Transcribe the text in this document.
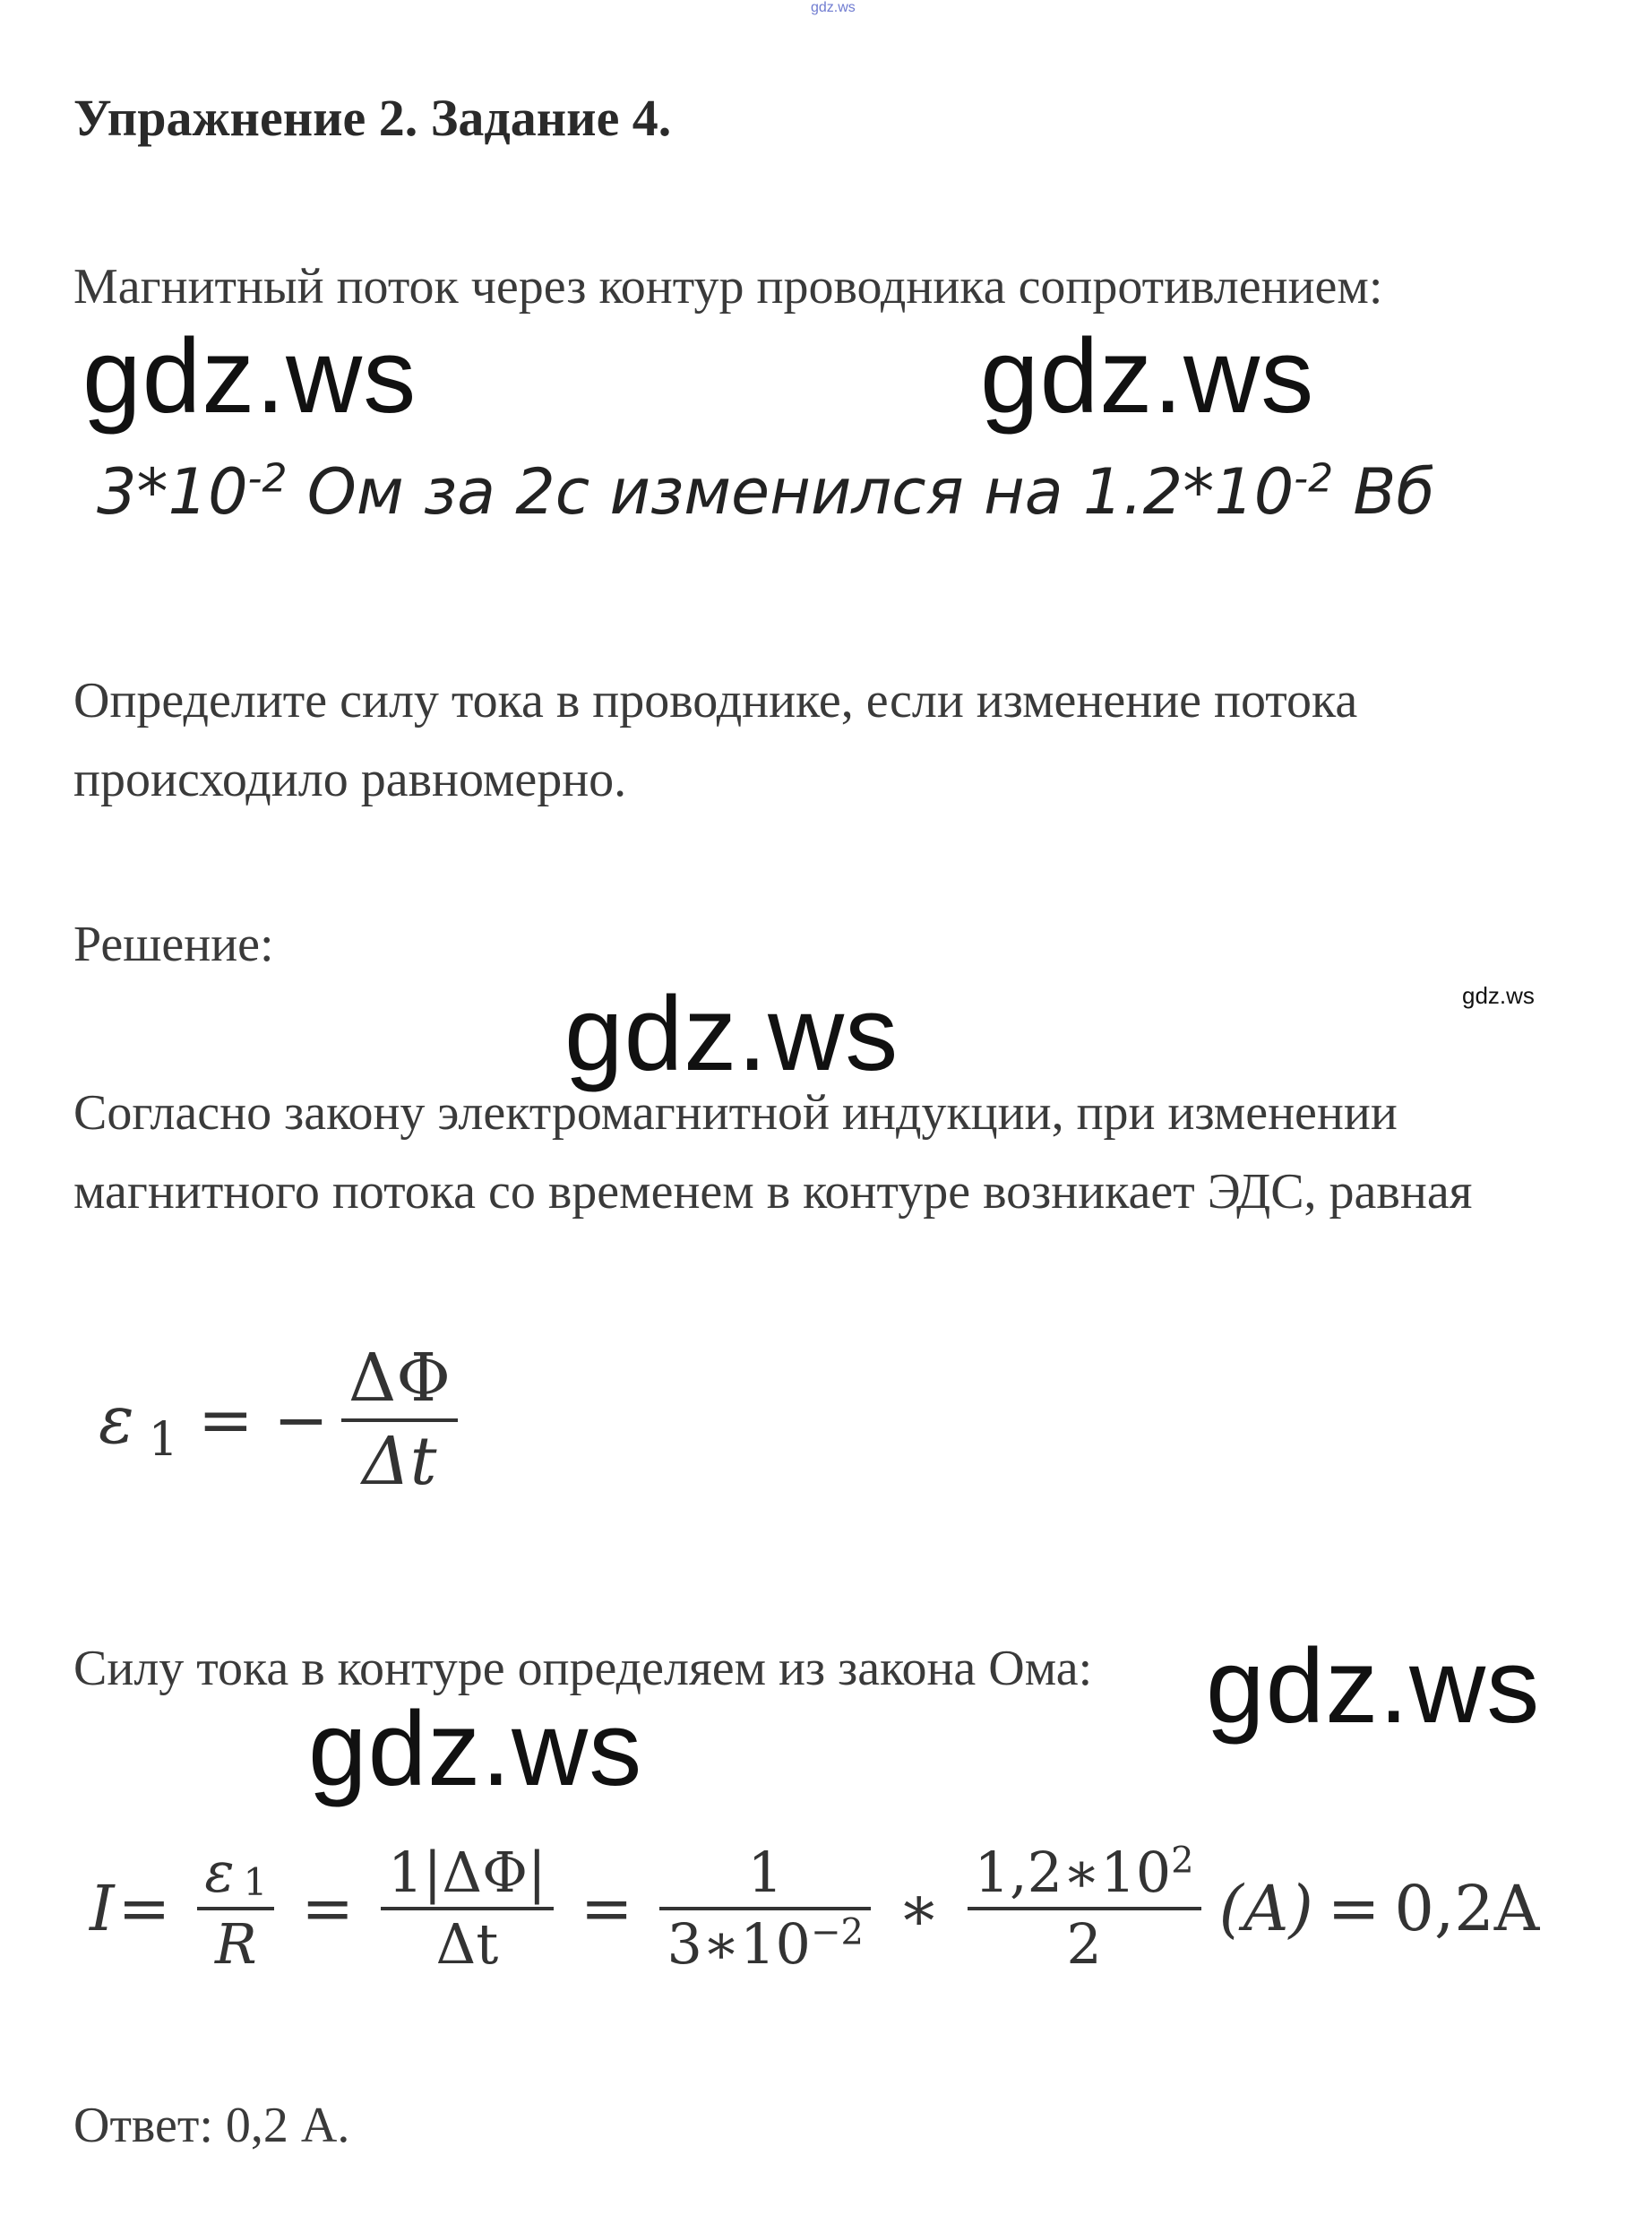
gdz.ws
Упражнение 2. Задание 4.
Магнитный поток через контур проводника сопротивлением:
gdz.ws	gdz.ws
$3*10^{-2}$ Ом за 2с изменился на $1.2*10^{-2}$ Вб
Определите силу тока в проводнике, если изменение потока
происходило равномерно.
Решение:
gdz.ws
gdz.ws
Согласно закону электромагнитной индукции, при изменении
магнитного потока со временем в контуре возникает ЭДС, равная
ε 1 = − $\frac{\Delta\Phi}{\Delta t}$
Силу тока в контуре определяем из закона Ома: gdz.ws
gdz.ws
$I = \frac{\varepsilon 1}{R} = \frac{1|\Delta\Phi|}{\Delta t} = \frac{1}{3∗10^{-2}}$ ∗ $\frac{1,2∗10^2}{2} (A) = 0,2A$
Ответ: 0,2 А.
